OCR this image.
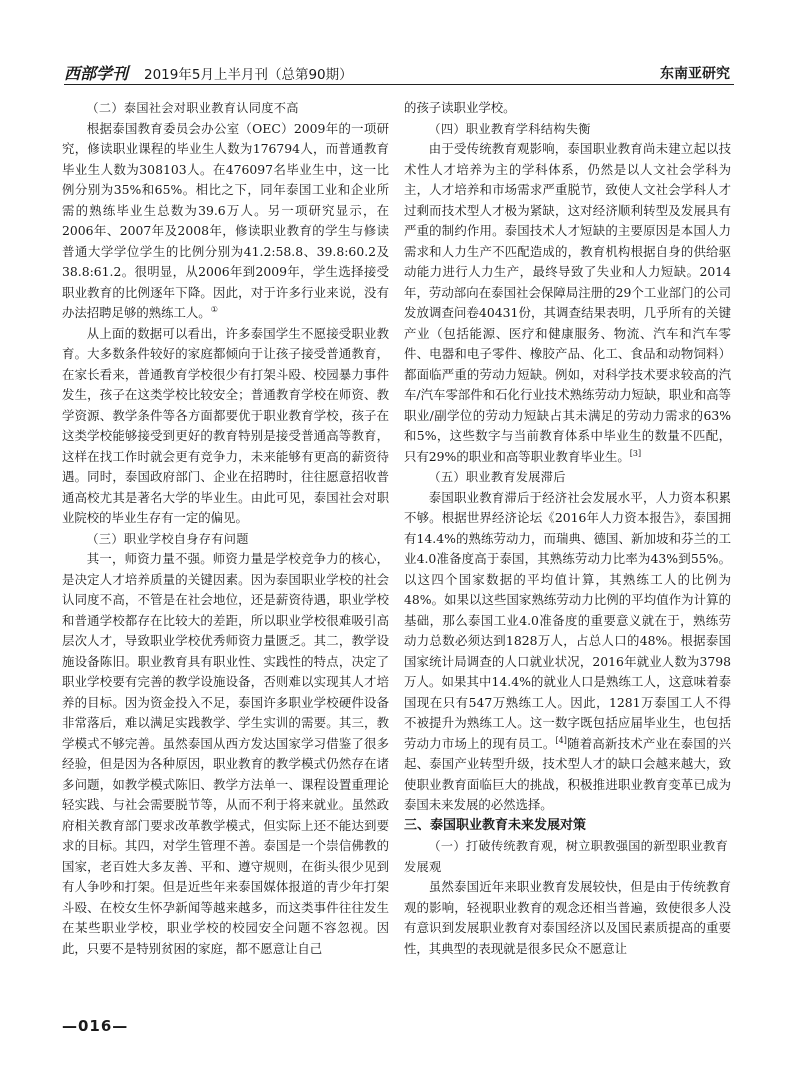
西部学刊 2019年5月上半月刊（总第90期）	东南亚研究
（二）泰国社会对职业教育认同度不高

根据泰国教育委员会办公室（OEC）2009年的一项研究，修读职业课程的毕业生人数为176794人，而普通教育毕业生人数为308103人。在476097名毕业生中，这一比例分别为35%和65%。相比之下，同年泰国工业和企业所需的熟练毕业生总数为39.6万人。另一项研究显示，在2006年、2007年及2008年，修读职业教育的学生与修读普通大学学位学生的比例分别为41.2:58.8、39.8:60.2及38.8:61.2。很明显，从2006年到2009年，学生选择接受职业教育的比例逐年下降。因此，对于许多行业来说，没有办法招聘足够的熟练工人。①

从上面的数据可以看出，许多泰国学生不愿接受职业教育。大多数条件较好的家庭都倾向于让孩子接受普通教育，在家长看来，普通教育学校很少有打架斗殴、校园暴力事件发生，孩子在这类学校比较安全；普通教育学校在师资、教学资源、教学条件等各方面都要优于职业教育学校，孩子在这类学校能够接受到更好的教育特别是接受普通高等教育，这样在找工作时就会更有竞争力，未来能够有更高的薪资待遇。同时，泰国政府部门、企业在招聘时，往往愿意招收普通高校尤其是著名大学的毕业生。由此可见，泰国社会对职业院校的毕业生存有一定的偏见。

（三）职业学校自身存有问题

其一，师资力量不强。师资力量是学校竞争力的核心，是决定人才培养质量的关键因素。因为泰国职业学校的社会认同度不高，不管是在社会地位，还是薪资待遇，职业学校和普通学校都存在比较大的差距，所以职业学校很难吸引高层次人才，导致职业学校优秀师资力量匮乏。其二，教学设施设备陈旧。职业教育具有职业性、实践性的特点，决定了职业学校要有完善的教学设施设备，否则难以实现其人才培养的目标。因为资金投入不足，泰国许多职业学校硬件设备非常落后，难以满足实践教学、学生实训的需要。其三，教学模式不够完善。虽然泰国从西方发达国家学习借鉴了很多经验，但是因为各种原因，职业教育的教学模式仍然存在诸多问题，如教学模式陈旧、教学方法单一、课程设置重理论轻实践、与社会需要脱节等，从而不利于将来就业。虽然政府相关教育部门要求改革教学模式，但实际上还不能达到要求的目标。其四，对学生管理不善。泰国是一个崇信佛教的国家，老百姓大多友善、平和、遵守规则，在街头很少见到有人争吵和打架。但是近些年来泰国媒体报道的青少年打架斗殴、在校女生怀孕新闻等越来越多，而这类事件往往发生在某些职业学校，职业学校的校园安全问题不容忽视。因此，只要不是特别贫困的家庭，都不愿意让自己

的孩子读职业学校。

（四）职业教育学科结构失衡

由于受传统教育观影响，泰国职业教育尚未建立起以技术性人才培养为主的学科体系，仍然是以人文社会学科为主，人才培养和市场需求严重脱节，致使人文社会学科人才过剩而技术型人才极为紧缺，这对经济顺利转型及发展具有严重的制约作用。泰国技术人才短缺的主要原因是本国人力需求和人力生产不匹配造成的，教育机构根据自身的供给驱动能力进行人力生产，最终导致了失业和人力短缺。2014年，劳动部向在泰国社会保障局注册的29个工业部门的公司发放调查问卷40431份，其调查结果表明，几乎所有的关键产业（包括能源、医疗和健康服务、物流、汽车和汽车零件、电器和电子零件、橡胶产品、化工、食品和动物饲料）都面临严重的劳动力短缺。例如，对科学技术要求较高的汽车/汽车零部件和石化行业技术熟练劳动力短缺，职业和高等职业/副学位的劳动力短缺占其未满足的劳动力需求的63%和5%，这些数字与当前教育体系中毕业生的数量不匹配，只有29%的职业和高等职业教育毕业生。[3]

（五）职业教育发展滞后

泰国职业教育滞后于经济社会发展水平，人力资本积累不够。根据世界经济论坛《2016年人力资本报告》，泰国拥有14.4%的熟练劳动力，而瑞典、德国、新加坡和芬兰的工业4.0准备度高于泰国，其熟练劳动力比率为43%到55%。以这四个国家数据的平均值计算，其熟练工人的比例为48%。如果以这些国家熟练劳动力比例的平均值作为计算的基础，那么泰国工业4.0准备度的重要意义就在于，熟练劳动力总数必须达到1828万人，占总人口的48%。根据泰国国家统计局调查的人口就业状况，2016年就业人数为3798万人。如果其中14.4%的就业人口是熟练工人，这意味着泰国现在只有547万熟练工人。因此，1281万泰国工人不得不被提升为熟练工人。这一数字既包括应届毕业生，也包括劳动力市场上的现有员工。[4]随着高新技术产业在泰国的兴起、泰国产业转型升级，技术型人才的缺口会越来越大，致使职业教育面临巨大的挑战，积极推进职业教育变革已成为泰国未来发展的必然选择。

三、泰国职业教育未来发展对策
（一）打破传统教育观，树立职教强国的新型职业教育发展观

虽然泰国近年来职业教育发展较快，但是由于传统教育观的影响，轻视职业教育的观念还相当普遍，致使很多人没有意识到发展职业教育对泰国经济以及国民素质提高的重要性，其典型的表现就是很多民众不愿意让

—016—
